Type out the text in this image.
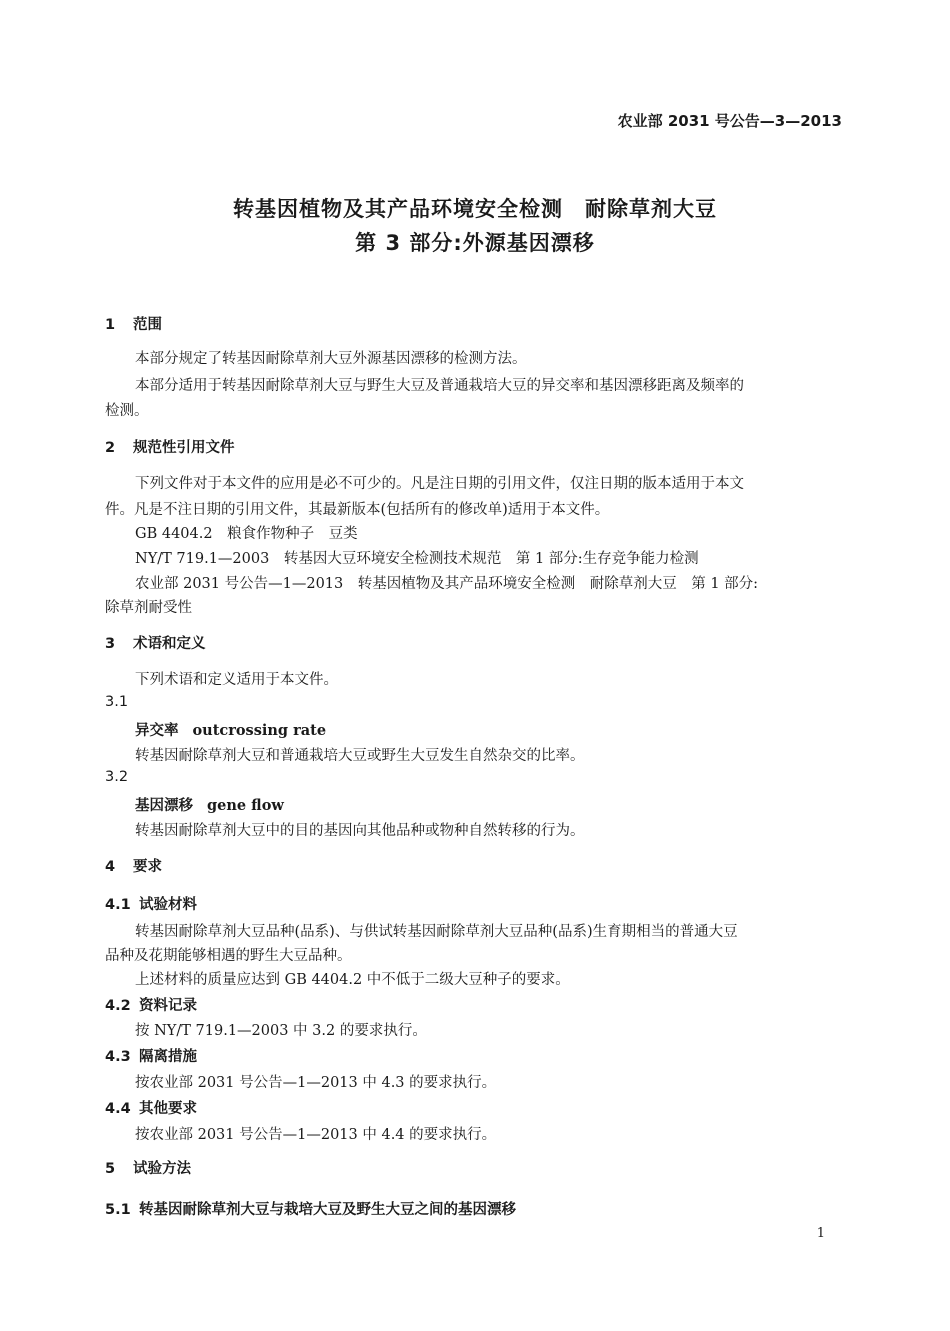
农业部 2031 号公告—3—2013
转基因植物及其产品环境安全检测　耐除草剂大豆
第 3 部分:外源基因漂移
1 范围
本部分规定了转基因耐除草剂大豆外源基因漂移的检测方法。
本部分适用于转基因耐除草剂大豆与野生大豆及普通栽培大豆的异交率和基因漂移距离及频率的
检测。
2 规范性引用文件
下列文件对于本文件的应用是必不可少的。凡是注日期的引用文件，仅注日期的版本适用于本文
件。凡是不注日期的引用文件，其最新版本(包括所有的修改单)适用于本文件。
GB 4404.2　粮食作物种子　豆类
NY/T 719.1—2003　转基因大豆环境安全检测技术规范　第 1 部分:生存竞争能力检测
农业部 2031 号公告—1—2013　转基因植物及其产品环境安全检测　耐除草剂大豆　第 1 部分:
除草剂耐受性
3 术语和定义
下列术语和定义适用于本文件。
3.1
异交率 outcrossing rate
转基因耐除草剂大豆和普通栽培大豆或野生大豆发生自然杂交的比率。
3.2
基因漂移 gene flow
转基因耐除草剂大豆中的目的基因向其他品种或物种自然转移的行为。
4 要求
4.1 试验材料
转基因耐除草剂大豆品种(品系)、与供试转基因耐除草剂大豆品种(品系)生育期相当的普通大豆
品种及花期能够相遇的野生大豆品种。
上述材料的质量应达到 GB 4404.2 中不低于二级大豆种子的要求。
4.2 资料记录
按 NY/T 719.1—2003 中 3.2 的要求执行。
4.3 隔离措施
按农业部 2031 号公告—1—2013 中 4.3 的要求执行。
4.4 其他要求
按农业部 2031 号公告—1—2013 中 4.4 的要求执行。
5 试验方法
5.1 转基因耐除草剂大豆与栽培大豆及野生大豆之间的基因漂移
1
